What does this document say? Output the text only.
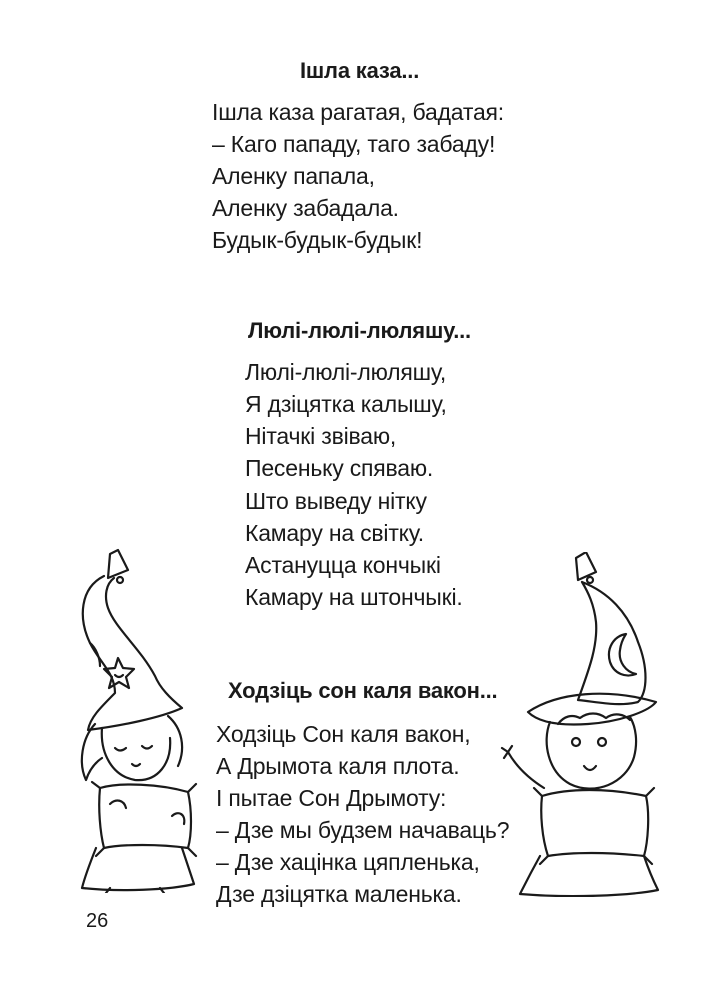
Ішла каза...
Ішла каза рагатая, бадатая:
– Каго пападу, таго забаду!
Аленку папала,
Аленку забадала.
Будык-будык-будык!
Люлі-люлі-люляшу...
Люлі-люлі-люляшу,
Я дзіцятка калышу,
Нітачкі звіваю,
Песеньку спяваю.
Што выведу нітку
Камару на світку.
Астануцца кончыкі
Камару на штончыкі.
Ходзіць сон каля вакон...
Ходзіць Сон каля вакон,
А Дрымота каля плота.
І пытае Сон Дрымоту:
– Дзе мы будзем начаваць?
– Дзе хацінка цяпленька,
Дзе дзіцятка маленька.
26
